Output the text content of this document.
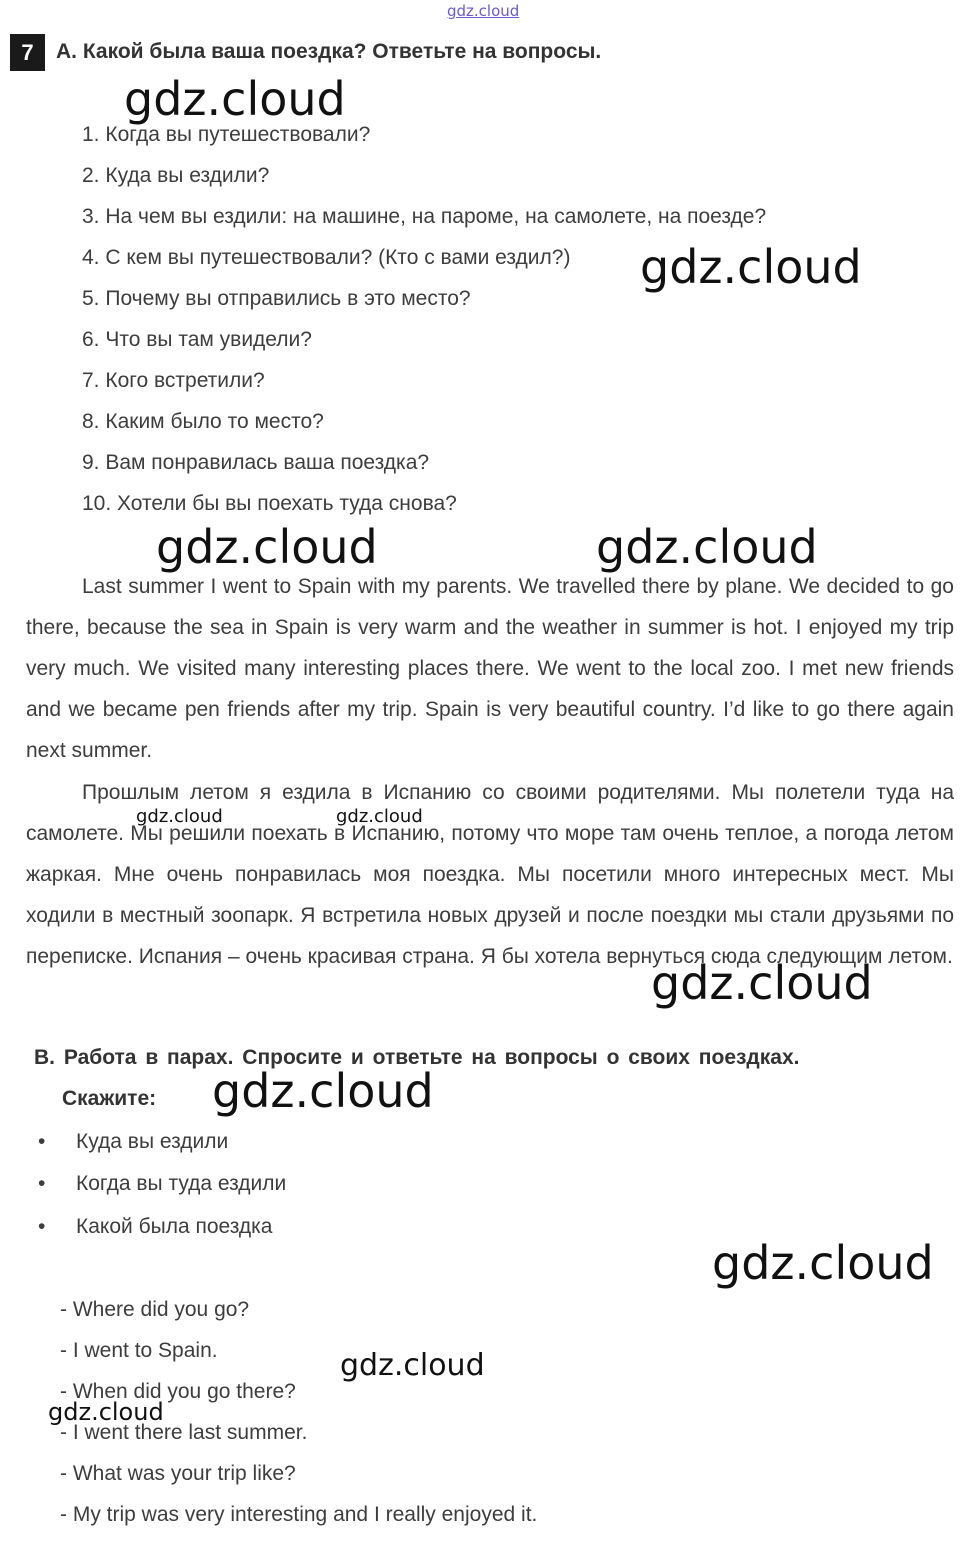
gdz.cloud
7	А. Какой была ваша поездка? Ответьте на вопросы.
1. Когда вы путешествовали?
2. Куда вы ездили?
3. На чем вы ездили: на машине, на пароме, на самолете, на поезде?
4. С кем вы путешествовали? (Кто с вами ездил?)
5. Почему вы отправились в это место?
6. Что вы там увидели?
7. Кого встретили?
8. Каким было то место?
9. Вам понравилась ваша поездка?
10. Хотели бы вы поехать туда снова?
Last summer I went to Spain with my parents. We travelled there by plane. We decided to go there, because the sea in Spain is very warm and the weather in summer is hot. I enjoyed my trip very much. We visited many interesting places there. We went to the local zoo. I met new friends and we became pen friends after my trip. Spain is very beautiful country. I’d like to go there again next summer.
Прошлым летом я ездила в Испанию со своими родителями. Мы полетели туда на самолете. Мы решили поехать в Испанию, потому что море там очень теплое, а погода летом жаркая. Мне очень понравилась моя поездка. Мы посетили много интересных мест. Мы ходили в местный зоопарк. Я встретила новых друзей и после поездки мы стали друзьями по переписке. Испания – очень красивая страна. Я бы хотела вернуться сюда следующим летом.
B. Работа в парах. Спросите и ответьте на вопросы о своих поездках.
Скажите:
• Куда вы ездили
• Когда вы туда ездили
• Какой была поездка
- Where did you go?
- I went to Spain.
- When did you go there?
- I went there last summer.
- What was your trip like?
- My trip was very interesting and I really enjoyed it.
gdz.cloud
gdz.cloud
gdz.cloud	gdz.cloud
gdz.cloud	gdz.cloud
gdz.cloud
gdz.cloud
gdz.cloud
gdz.cloud
gdz.cloud
